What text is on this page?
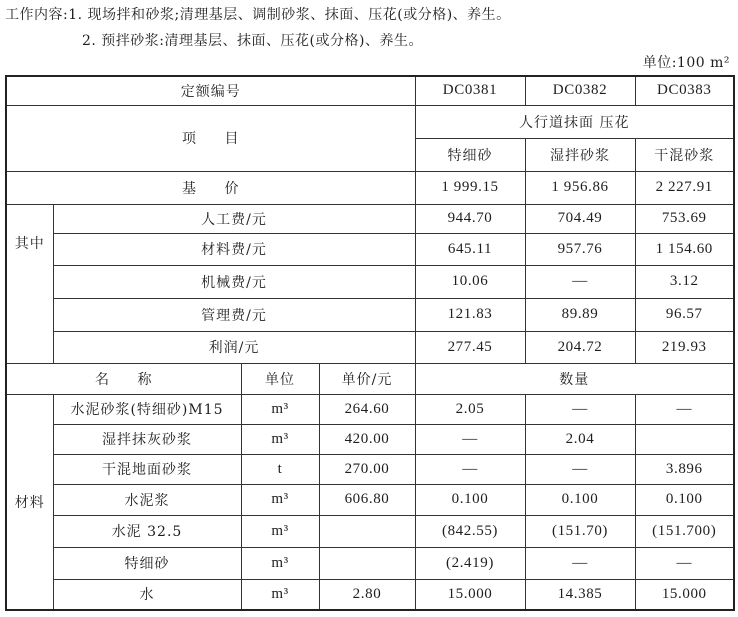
工作内容:1. 现场拌和砂浆;清理基层、调制砂浆、抹面、压花(或分格)、养生。
2. 预拌砂浆:清理基层、抹面、压花(或分格)、养生。
单位:100 m²
定额编号				DC0381	DC0382	DC0383
项 目				人行道抹面 压花		
				特细砂	湿拌砂浆	干混砂浆
基 价				1 999.15	1 956.86	2 227.91
其中	人工费/元			944.70	704.49	753.69
	材料费/元			645.11	957.76	1 154.60
	机械费/元			10.06	—	3.12
	管理费/元			121.83	89.89	96.57
	利润/元			277.45	204.72	219.93
名 称		单位	单价/元	数量		
材料	水泥砂浆(特细砂)M15	m³	264.60	2.05	—	—
	湿拌抹灰砂浆	m³	420.00	—	2.04	
	干混地面砂浆	t	270.00	—	—	3.896
	水泥浆	m³	606.80	0.100	0.100	0.100
	水泥 32.5	m³		(842.55)	(151.70)	(151.700)
	特细砂	m³		(2.419)	—	—
	水	m³	2.80	15.000	14.385	15.000
